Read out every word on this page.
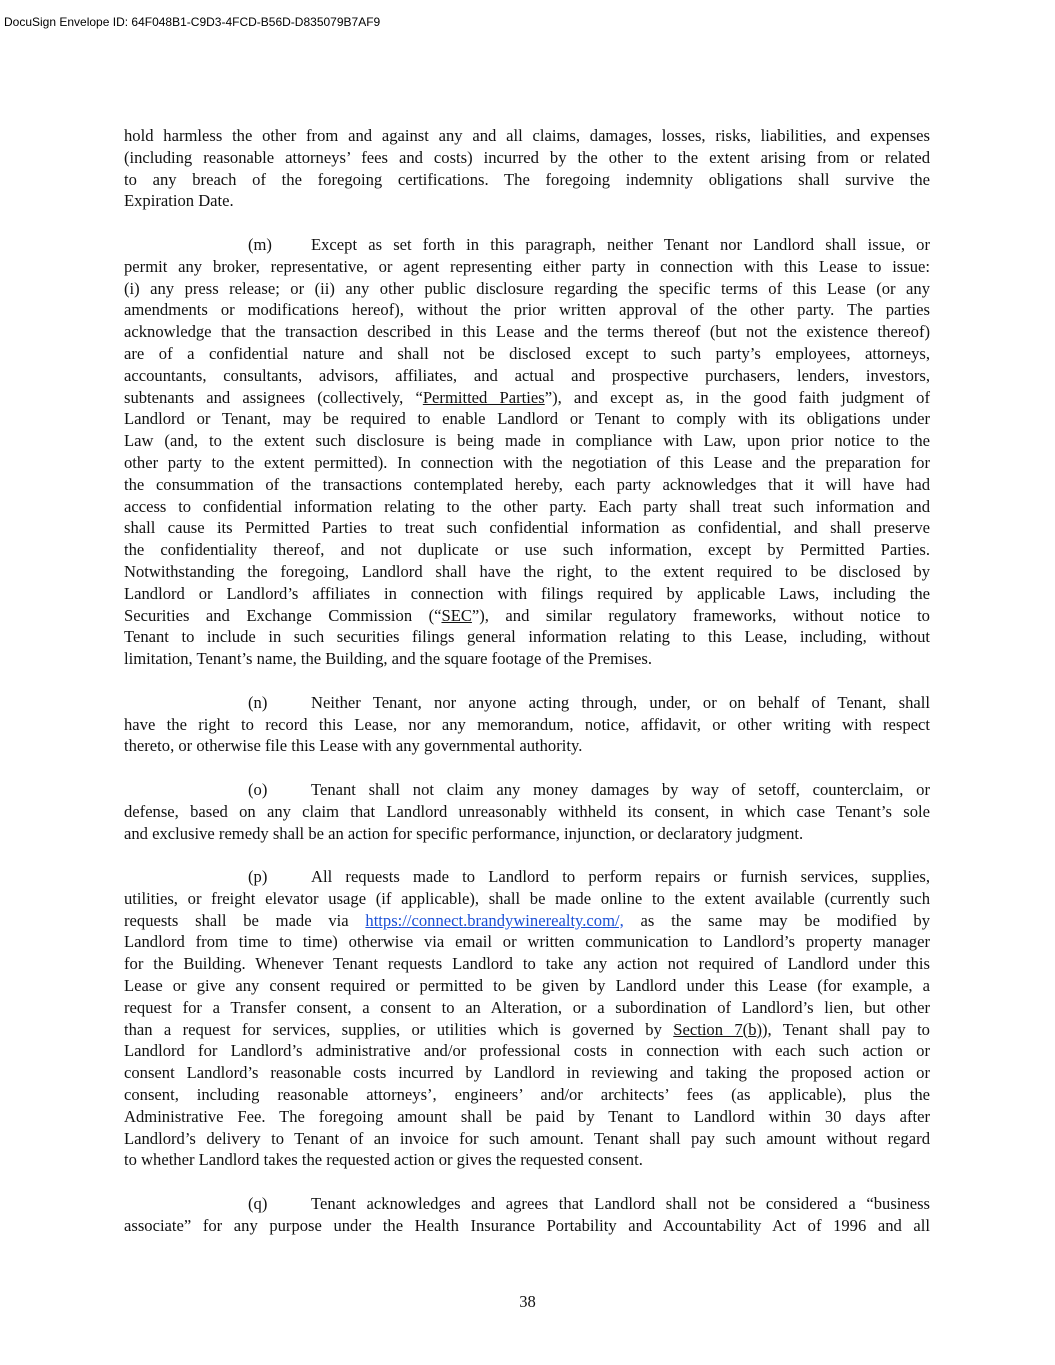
DocuSign Envelope ID: 64F048B1-C9D3-4FCD-B56D-D835079B7AF9
hold harmless the other from and against any and all claims, damages, losses, risks, liabilities, and expenses
(including reasonable attorneys’ fees and costs) incurred by the other to the extent arising from or related
to any breach of the foregoing certifications. The foregoing indemnity obligations shall survive the
Expiration Date.
(m)	Except as set forth in this paragraph, neither Tenant nor Landlord shall issue, or
permit any broker, representative, or agent representing either party in connection with this Lease to issue:
(i) any press release; or (ii) any other public disclosure regarding the specific terms of this Lease (or any
amendments or modifications hereof), without the prior written approval of the other party. The parties
acknowledge that the transaction described in this Lease and the terms thereof (but not the existence thereof)
are of a confidential nature and shall not be disclosed except to such party’s employees, attorneys,
accountants, consultants, advisors, affiliates, and actual and prospective purchasers, lenders, investors,
subtenants and assignees (collectively, “Permitted Parties”), and except as, in the good faith judgment of
Landlord or Tenant, may be required to enable Landlord or Tenant to comply with its obligations under
Law (and, to the extent such disclosure is being made in compliance with Law, upon prior notice to the
other party to the extent permitted). In connection with the negotiation of this Lease and the preparation for
the consummation of the transactions contemplated hereby, each party acknowledges that it will have had
access to confidential information relating to the other party. Each party shall treat such information and
shall cause its Permitted Parties to treat such confidential information as confidential, and shall preserve
the confidentiality thereof, and not duplicate or use such information, except by Permitted Parties.
Notwithstanding the foregoing, Landlord shall have the right, to the extent required to be disclosed by
Landlord or Landlord’s affiliates in connection with filings required by applicable Laws, including the
Securities and Exchange Commission (“SEC”), and similar regulatory frameworks, without notice to
Tenant to include in such securities filings general information relating to this Lease, including, without
limitation, Tenant’s name, the Building, and the square footage of the Premises.
(n)	Neither Tenant, nor anyone acting through, under, or on behalf of Tenant, shall
have the right to record this Lease, nor any memorandum, notice, affidavit, or other writing with respect
thereto, or otherwise file this Lease with any governmental authority.
(o)	Tenant shall not claim any money damages by way of setoff, counterclaim, or
defense, based on any claim that Landlord unreasonably withheld its consent, in which case Tenant’s sole
and exclusive remedy shall be an action for specific performance, injunction, or declaratory judgment.
(p)	All requests made to Landlord to perform repairs or furnish services, supplies,
utilities, or freight elevator usage (if applicable), shall be made online to the extent available (currently such
requests shall be made via https://connect.brandywinerealty.com/, as the same may be modified by
Landlord from time to time) otherwise via email or written communication to Landlord’s property manager
for the Building. Whenever Tenant requests Landlord to take any action not required of Landlord under this
Lease or give any consent required or permitted to be given by Landlord under this Lease (for example, a
request for a Transfer consent, a consent to an Alteration, or a subordination of Landlord’s lien, but other
than a request for services, supplies, or utilities which is governed by Section 7(b)), Tenant shall pay to
Landlord for Landlord’s administrative and/or professional costs in connection with each such action or
consent Landlord’s reasonable costs incurred by Landlord in reviewing and taking the proposed action or
consent, including reasonable attorneys’, engineers’ and/or architects’ fees (as applicable), plus the
Administrative Fee. The foregoing amount shall be paid by Tenant to Landlord within 30 days after
Landlord’s delivery to Tenant of an invoice for such amount. Tenant shall pay such amount without regard
to whether Landlord takes the requested action or gives the requested consent.
(q)	Tenant acknowledges and agrees that Landlord shall not be considered a “business
associate” for any purpose under the Health Insurance Portability and Accountability Act of 1996 and all
38
